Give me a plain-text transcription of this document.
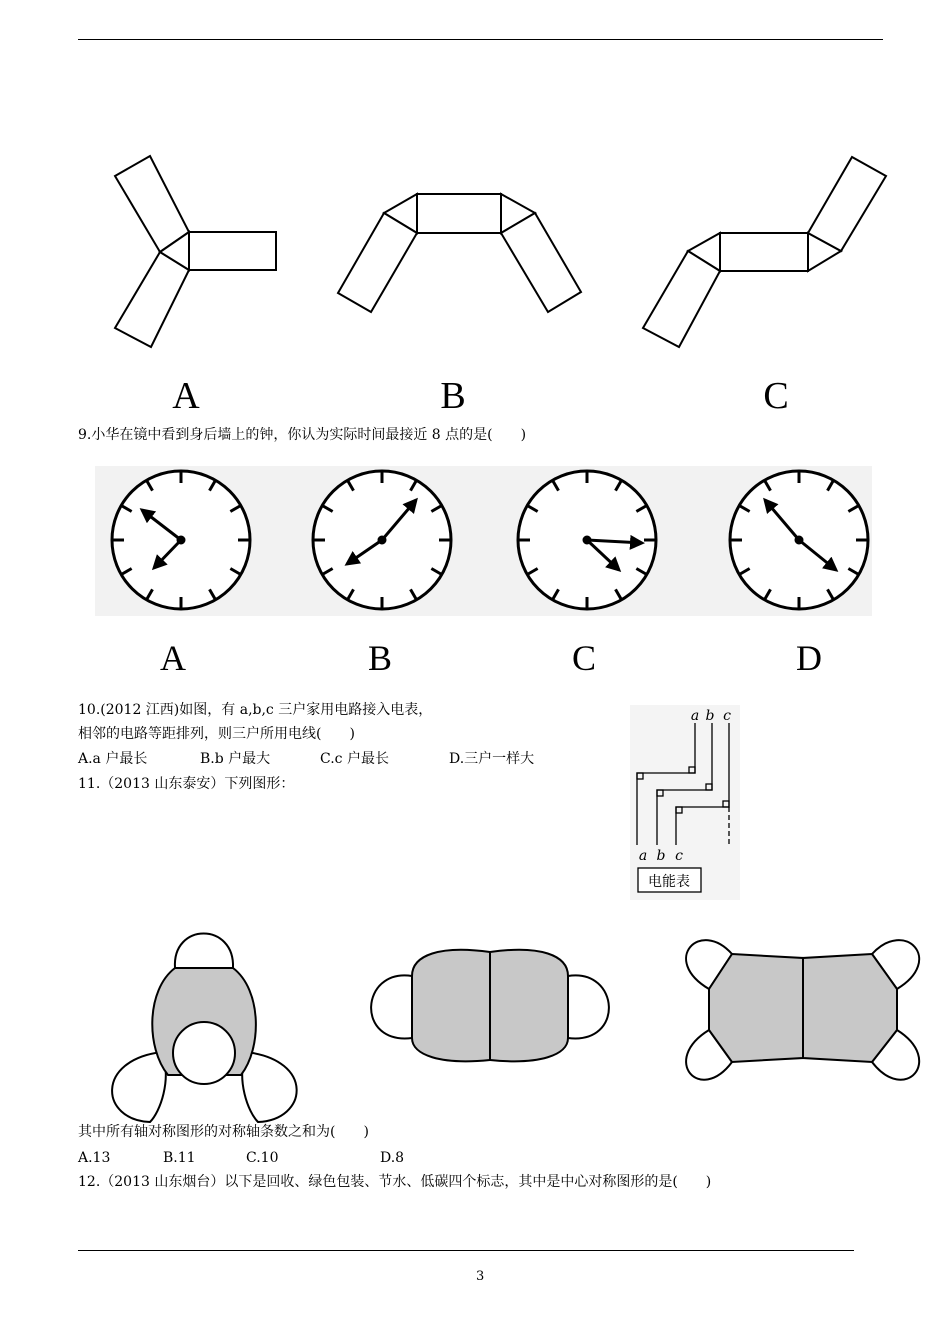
A	B	C
9.小华在镜中看到身后墙上的钟，你认为实际时间最接近 8 点的是(　　)
A	B	C	D
10.(2012 江西)如图，有 a,b,c 三户家用电路接入电表，
相邻的电路等距排列，则三户所用电线(　　)
A.a 户最长	B.b 户最大	C.c 户最长	D.三户一样大
11.（2013 山东泰安）下列图形：
a b c
a b c
电能表
其中所有轴对称图形的对称轴条数之和为(　　)
A.13	B.11	C.10	D.8
12.（2013 山东烟台）以下是回收、绿色包装、节水、低碳四个标志，其中是中心对称图形的是(　　)
3
